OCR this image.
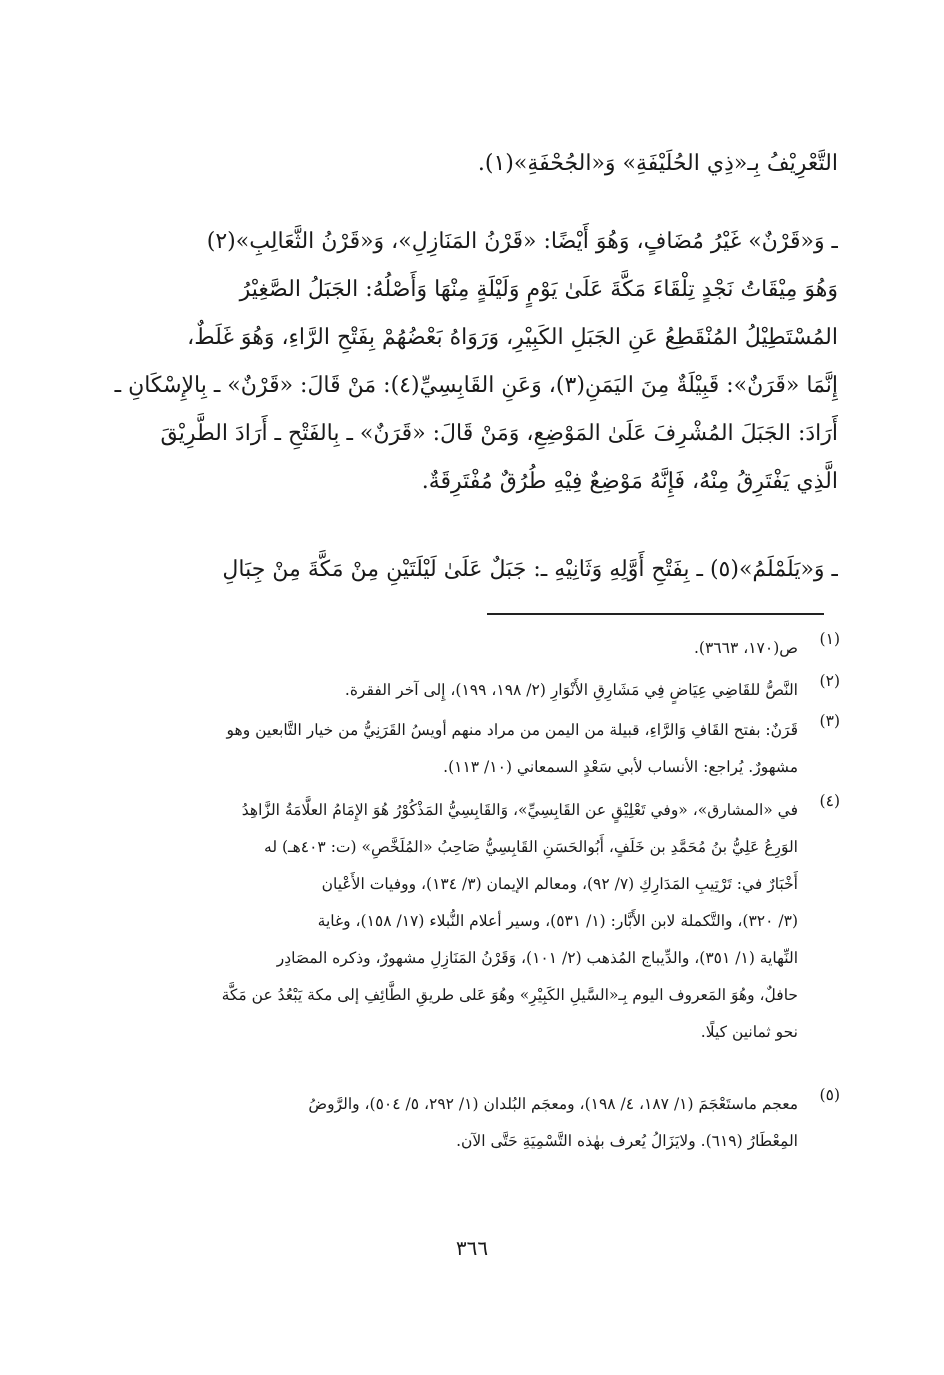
التَّعْرِيْفُ بِـ«ذِي الحُلَيْفَةِ» وَ«الجُحْفَةِ»(١).
ـ وَ«قَرْنٌ» غَيْرُ مُضَافٍ، وَهُوَ أَيْضًا: «قَرْنُ المَنَازِلِ»، وَ«قَرْنُ الثَّعَالِبِ»(٢)
وَهُوَ مِيْقَاتُ نَجْدٍ تِلْقَاءَ مَكَّةَ عَلَىٰ يَوْمٍ وَلَيْلَةٍ مِنْهَا وَأَصْلُهُ: الجَبَلُ الصَّغِيْرُ
المُسْتَطِيْلُ المُنْقَطِعُ عَنِ الجَبَلِ الكَبِيْرِ، وَرَوَاهُ بَعْضُهُمْ بِفَتْحِ الرَّاءِ، وَهُوَ غَلَطٌ،
إِنَّمَا «قَرَنٌ»: قَبِيْلَةٌ مِنَ اليَمَنِ(٣)، وَعَنِ القَابِسِيِّ(٤): مَنْ قَالَ: «قَرْنٌ» ـ بِالإِسْكَانِ ـ
أَرَادَ: الجَبَلَ المُشْرِفَ عَلَىٰ المَوْضِعِ، وَمَنْ قَالَ: «قَرَنٌ» ـ بِالفَتْحِ ـ أَرَادَ الطَّرِيْقَ
الَّذِي يَفْتَرِقُ مِنْهُ، فَإِنَّهُ مَوْضِعٌ فِيْهِ طُرُقٌ مُفْتَرِقَةٌ.
ـ وَ«يَلَمْلَمُ»(٥) ـ بِفَتْحِ أَوَّلِهِ وَثَانِيْهِ ـ: جَبَلٌ عَلَىٰ لَيْلَتَيْنِ مِنْ مَكَّةَ مِنْ جِبَالِ
(١)
ص(١٧٠، ٣٦٦٣).
(٢)
النَّصُّ للقَاضِي عِيَاضٍ فِي مَشَارِقِ الأَنْوَارِ (٢/ ١٩٨، ١٩٩)، إِلى آخر الفقرة.
(٣)
قَرَنٌ: بفتح القَافِ وَالرَّاءِ، قبيلة من اليمن من مراد منهم أويسُ القَرَنِيُّ من خيار التَّابعين وهو
مشهورٌ. يُراجع: الأنساب لأبي سَعْدٍ السمعاني (١٠/ ١١٣).
(٤)
في «المشارق»، «وفي تَعْلِيْقٍ عن القَابِسِيِّ»، وَالقَابِسِيُّ المَذْكُوْرُ هُوَ الإِمَامُ العلَّامَةُ الزَّاهِدُ
الوَرِعُ عَلِيُّ بنُ مُحَمَّدِ بن خَلَفٍ، أَبُوالحَسَنِ القَابِسِيُّ صَاحِبُ «المُلَخَّصِ» (ت: ٤٠٣هـ) له
أَخْبَارٌ في: تَرْتِيبِ المَدَارِكِ (٧/ ٩٢)، ومعالم الإيمان (٣/ ١٣٤)، ووفيات الأَعْيان
(٣/ ٣٢٠)، والتَّكملة لابن الأَبَّار: (١/ ٥٣١)، وسير أعلام النُّبلاء (١٧/ ١٥٨)، وغاية
النِّهاية (١/ ٣٥١)، والدِّيباج المُذهب (٢/ ١٠١)، وَقَرْنُ المَنَازِلِ مشهورٌ، وذكره المصَادِر
حافلٌ، وهُوَ المَعروف اليوم بِـ«السَّيلِ الكَبِيْرِ» وهُوَ عَلى طريقِ الطَّائِفِ إلى مكة يَبْعُدُ عن مَكَّة
نحو ثمانين كيلًا.
(٥)
معجم ماستَعْجَمَ (١/ ١٨٧، ٤/ ١٩٨)، ومعجَم البُلدان (١/ ٢٩٢، ٥/ ٥٠٤)، والرَّوضُ
المِعْطَارُ (٦١٩). ولايَزَالُ يُعرف بهٰذه التَّسْمِيَةِ حَتَّى الآن.
٣٦٦
